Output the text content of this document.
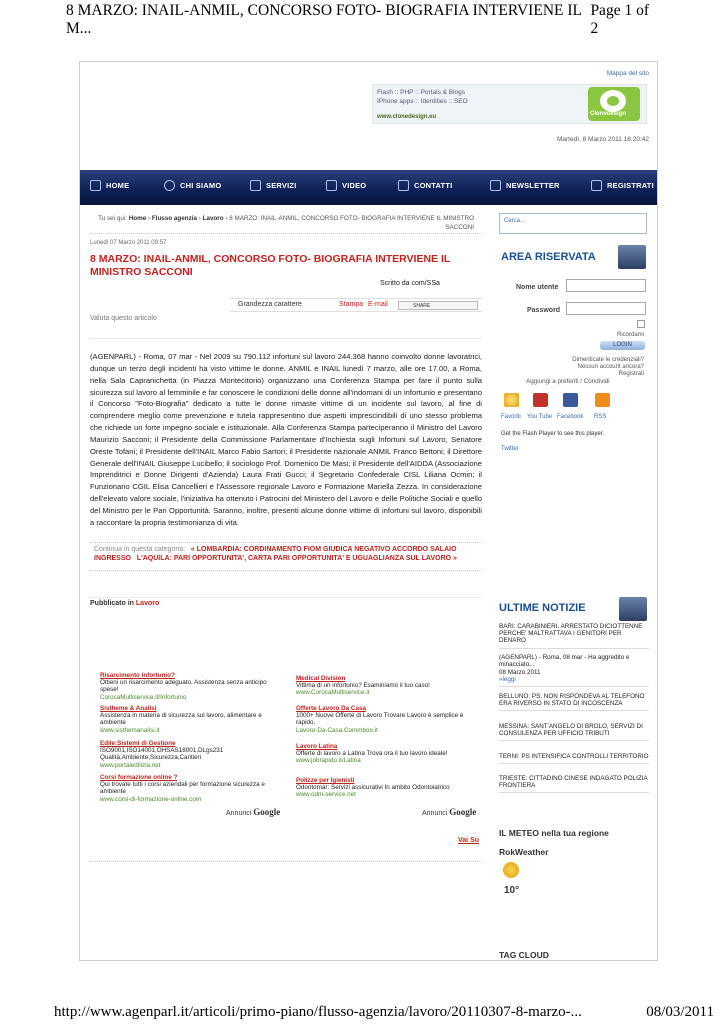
8 MARZO: INAIL-ANMIL, CONCORSO FOTO- BIOGRAFIA INTERVIENE IL M...
Page 1 of 2
Mappa del sito
Flash :: PHP :: Portals & Blogs
IPhone apps :: Identities :: SEO
www.clonedesign.eu	Clonedesign
Martedì, 8 Marzo 2011 16:20:42
HOME	CHI SIAMO	SERVIZI	VIDEO	CONTATTI	NEWSLETTER	REGISTRATI
Tu sei qui: Home › Flusso agenzia › Lavoro › 8 MARZO: INAIL-ANMIL, CONCORSO FOTO- BIOGRAFIA INTERVIENE IL MINISTRO SACCONI
Lunedì 07 Marzo 2011 09:57
8 MARZO: INAIL-ANMIL, CONCORSO FOTO- BIOGRAFIA INTERVIENE IL MINISTRO SACCONI
Scritto da com/SSa
Grandezza carattere	Stampa E-mail	SHARE
Valuta questo articolo
(AGENPARL) - Roma, 07 mar - Nel 2009 su 790.112 infortuni sul lavoro 244.368 hanno coinvolto donne lavoratrici, dunque un terzo degli incidenti ha visto vittime le donne. ANMIL e INAIL lunedì 7 marzo, alle ore 17.00, a Roma, nella Sala Capranichetta (in Piazza Montecitorio) organizzano una Conferenza Stampa per fare il punto sulla sicurezza sul lavoro al femminile e far conoscere le condizioni delle donne all'indomani di un infortunio e presentano il Concorso "Foto-Biografia" dedicato a tutte le donne rimaste vittime di un incidente sul lavoro, al fine di comprendere meglio come prevenzione e tutela rappresentino due aspetti imprescindibili di uno stesso problema che richiede un forte impegno sociale e istituzionale. Alla Conferenza Stampa parteciperanno il Ministro del Lavoro Maurizio Sacconi; il Presidente della Commissione Parlamentare d'Inchiesta sugli Infortuni sul Lavoro, Senatore Oreste Tofani; il Presidente dell'INAIL Marco Fabio Sartori; il Presidente nazionale ANMIL Franco Bettoni; il Direttore Generale dell'INAIL Giuseppe Lucibello; il sociologo Prof. Domenico De Masi; il Presidente dell'AIDDA (Associazione Imprenditrici e Donne Dirigenti d'Azienda) Laura Frati Gucci; il Segretario Confederale CISL Liliana Ocmin; il Funzionario CGIL Elisa Cancellieri e l'Assessore regionale Lavoro e Formazione Mariella Zezza. In considerazione dell'elevato valore sociale, l'iniziativa ha ottenuto i Patrocini del Ministero del Lavoro e delle Politiche Sociali e quello del Ministro per le Pari Opportunità. Saranno, inoltre, presenti alcune donne vittime di infortuni sul lavoro, disponibili a raccontare la propria testimonianza di vita.
Continua in questa categoria: « LOMBARDIA: CORDINAMENTO FIOM GIUDICA NEGATIVO ACCORDO SALAIO INGRESSO L'AQUILA: PARI OPPORTUNITA', CARTA PARI OPPORTUNITA' E UGUAGLIANZA SUL LAVORO »
Pubblicato in Lavoro
Risarcimento infortunio?
Ottieni un risarcimento adeguato. Assistenza senza anticipo spese!
CorocaMultiservice.it/Infortunio
Sistheme & Analisi
Assistenza in materia di sicurezza sul lavoro, alimentare e ambiente
www.sisthemanalisi.it
Edile:Sistemi di Gestione
ISO9001,ISO14001,OHSAS18001,DLgs231 Qualità,Ambiente,Sicurezza,Cantieri
www.portaledilizia.net
Corsi formazione online ?
Qui trovate tutti i corsi aziendali per formazione sicurezza e ambiente
www.corsi-di-formazione-online.com
Medical Division
Vittima di un infortunio? Esaminiamo il tuo caso!
www.CorocaMultiservice.it
Offerte Lavoro Da Casa
1000+ Nuove Offerte di Lavoro Trovare Lavoro è semplice e rapido.
Lavoro-Da-Casa.Commboo.it
Lavoro Latina
Offerte di lavoro a Latina Trova ora il tuo lavoro ideale!
www.jobrapido.it/Latina
Polizze per Igienisti
Odontomar: Servizi assicurativi In ambito Odontoiatrico
www.odm-service.net
Annunci Google	Annunci Google
Vai Su
Cerca...
AREA RISERVATA
Nome utente
Password
Ricordami
LOGIN
Dimenticate le credenziali?
Nessun account ancora?
Registrati
Aggiungi a preferiti / Condividi
Favoriti You Tube Facebook RSS
Get the Flash Player to see this player.
Twitter
ULTIME NOTIZIE
BARI: CARABINIERI, ARRESTATO DICIOTTENNE PERCHE' MALTRATTAVA I GENITORI PER DENARO
(AGENPARL) - Roma, 08 mar - Ha aggredito e minacciato...
08 Marzo 2011
»leggi
BELLUNO: PS, NON RISPONDEVA AL TELEFONO ERA RIVERSO IN STATO DI INCOSCENZA
MESSINA: SANT'ANGELO DI BROLO, SERVIZI DI CONSULENZA PER UFFICIO TRIBUTI
TERNI: PS INTENSIFICA CONTROLLI TERRITORIO
TRIESTE: CITTADINO CINESE INDAGATO POLIZIA FRONTIERA
IL METEO nella tua regione
RokWeather
10°
TAG CLOUD
http://www.agenparl.it/articoli/primo-piano/flusso-agenzia/lavoro/20110307-8-marzo-...	08/03/2011
